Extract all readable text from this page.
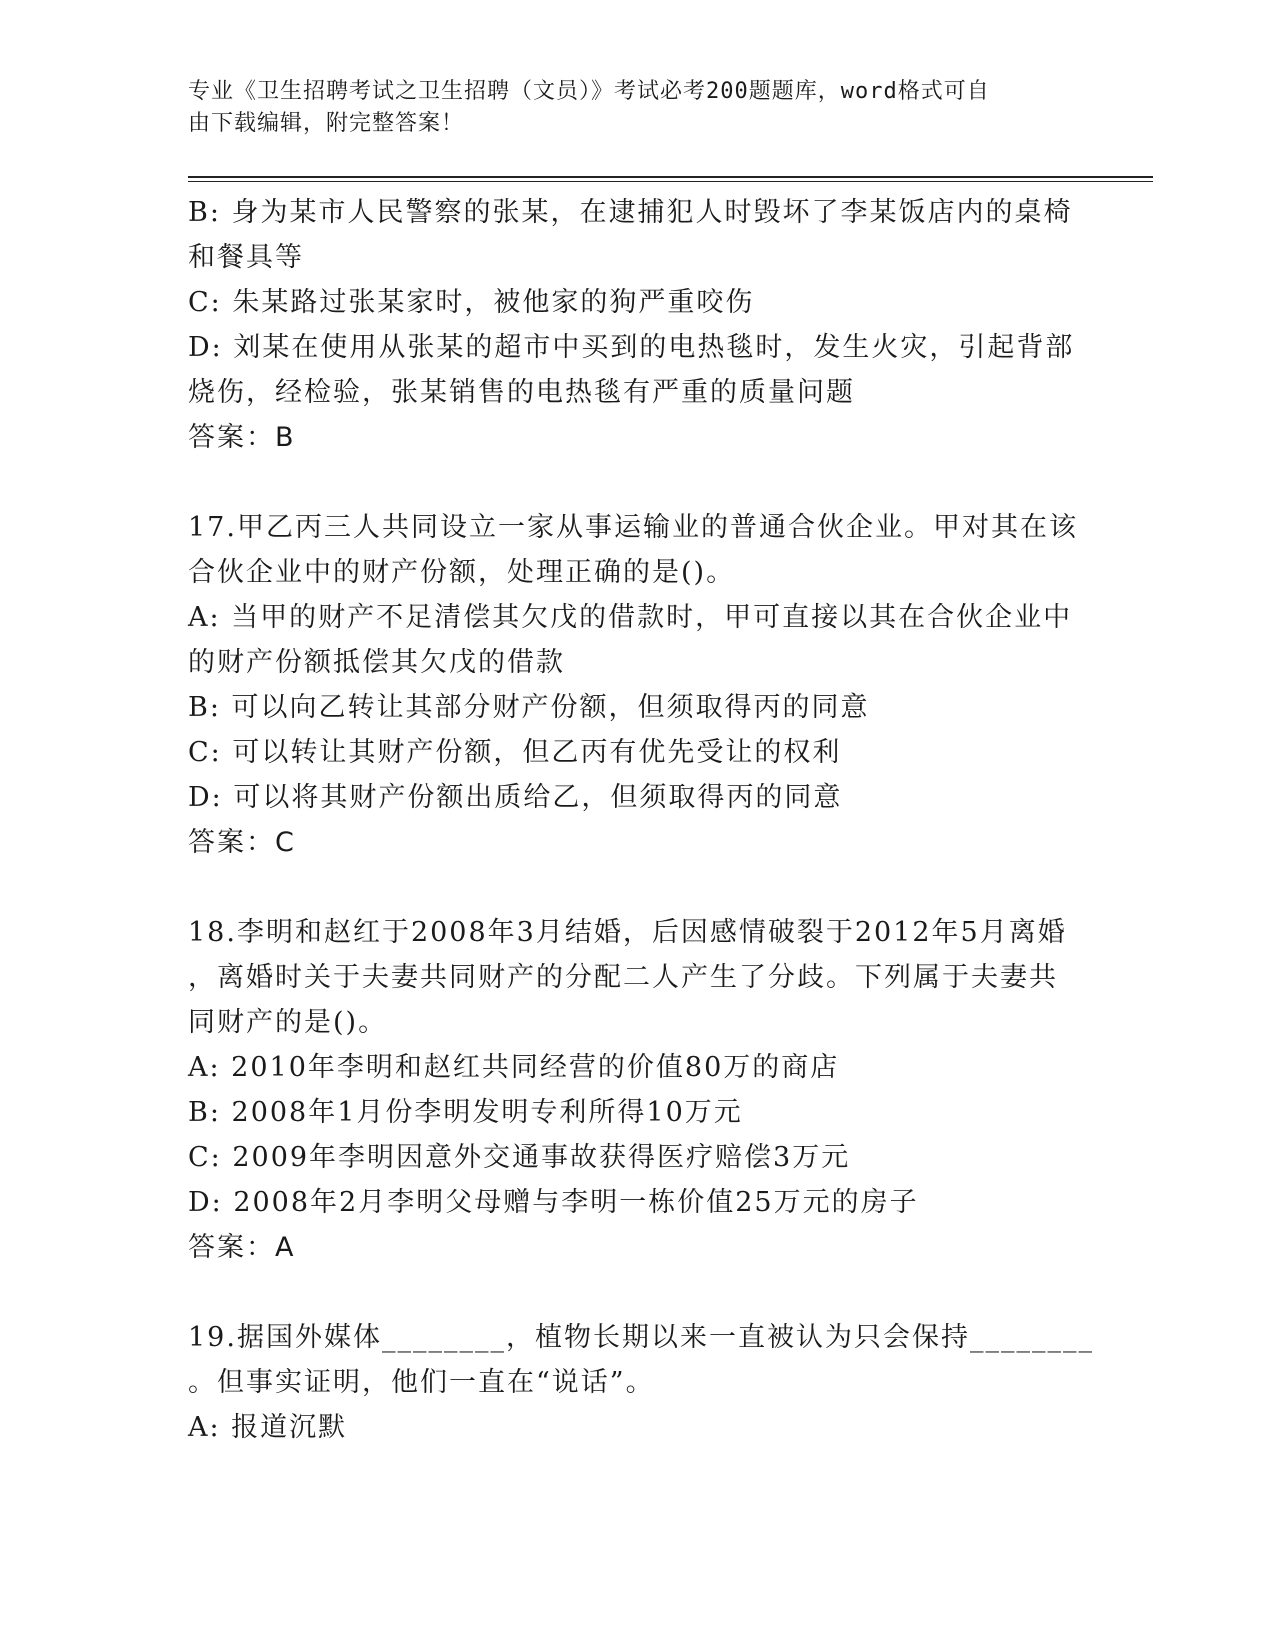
专业《卫生招聘考试之卫生招聘（文员）》考试必考200题题库，word格式可自
由下载编辑，附完整答案！
B: 身为某市人民警察的张某，在逮捕犯人时毁坏了李某饭店内的桌椅
和餐具等
C: 朱某路过张某家时，被他家的狗严重咬伤
D: 刘某在使用从张某的超市中买到的电热毯时，发生火灾，引起背部
烧伤，经检验，张某销售的电热毯有严重的质量问题
答案：B
17.甲乙丙三人共同设立一家从事运输业的普通合伙企业。甲对其在该
合伙企业中的财产份额，处理正确的是()。
A: 当甲的财产不足清偿其欠戊的借款时，甲可直接以其在合伙企业中
的财产份额抵偿其欠戊的借款
B: 可以向乙转让其部分财产份额，但须取得丙的同意
C: 可以转让其财产份额，但乙丙有优先受让的权利
D: 可以将其财产份额出质给乙，但须取得丙的同意
答案：C
18.李明和赵红于2008年3月结婚，后因感情破裂于2012年5月离婚
，离婚时关于夫妻共同财产的分配二人产生了分歧。下列属于夫妻共
同财产的是()。
A: 2010年李明和赵红共同经营的价值80万的商店
B: 2008年1月份李明发明专利所得10万元
C: 2009年李明因意外交通事故获得医疗赔偿3万元
D: 2008年2月李明父母赠与李明一栋价值25万元的房子
答案：A
19.据国外媒体________，植物长期以来一直被认为只会保持________
。但事实证明，他们一直在“说话”。
A: 报道沉默
